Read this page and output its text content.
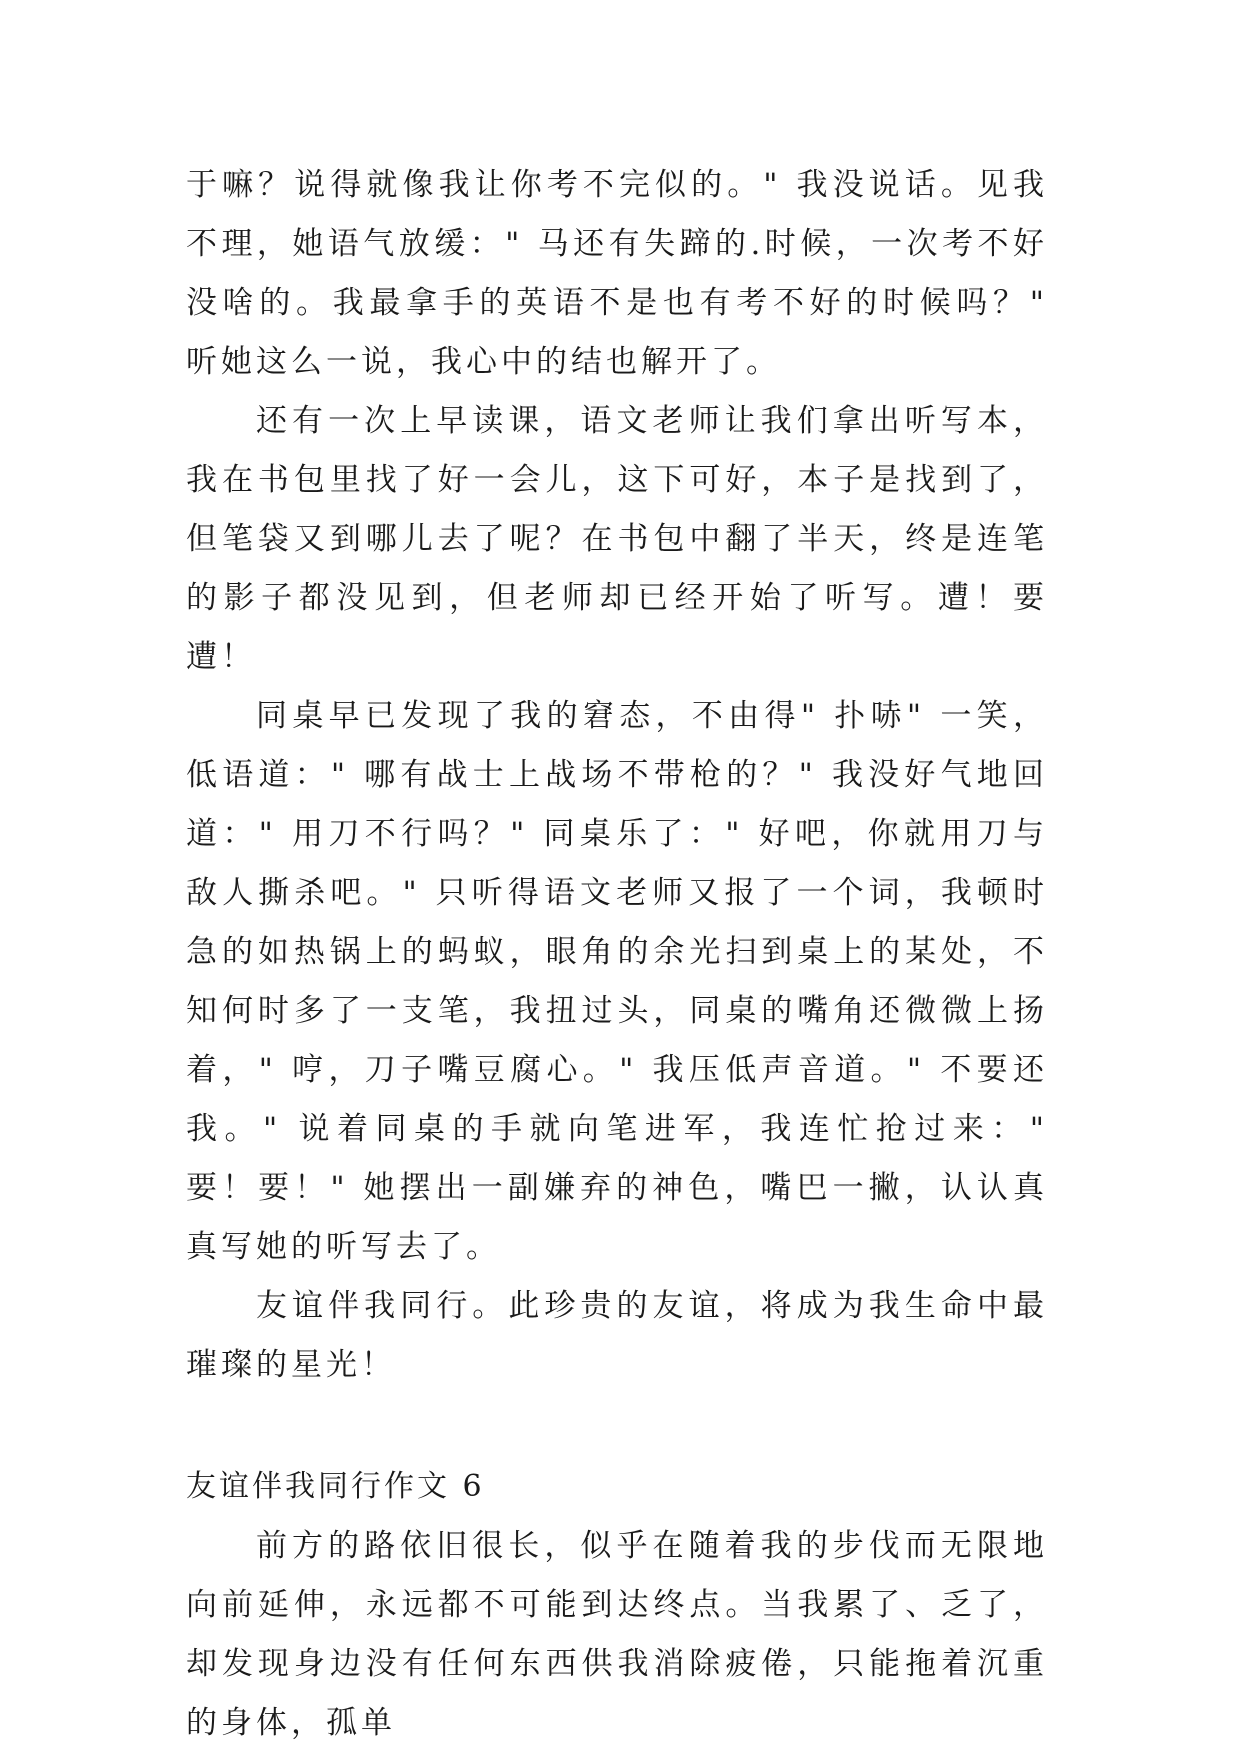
于嘛？说得就像我让你考不完似的。" 我没说话。见我不理，她语气放缓：" 马还有失蹄的.时候，一次考不好没啥的。我最拿手的英语不是也有考不好的时候吗？" 听她这么一说，我心中的结也解开了。

还有一次上早读课，语文老师让我们拿出听写本，我在书包里找了好一会儿，这下可好，本子是找到了，但笔袋又到哪儿去了呢？在书包中翻了半天，终是连笔的影子都没见到，但老师却已经开始了听写。遭！要遭！

同桌早已发现了我的窘态，不由得" 扑哧" 一笑，低语道：" 哪有战士上战场不带枪的？" 我没好气地回道：" 用刀不行吗？" 同桌乐了：" 好吧，你就用刀与敌人撕杀吧。" 只听得语文老师又报了一个词，我顿时急的如热锅上的蚂蚁，眼角的余光扫到桌上的某处，不知何时多了一支笔，我扭过头，同桌的嘴角还微微上扬着，" 哼，刀子嘴豆腐心。" 我压低声音道。" 不要还我。" 说着同桌的手就向笔进军，我连忙抢过来：" 要！要！" 她摆出一副嫌弃的神色，嘴巴一撇，认认真真写她的听写去了。

友谊伴我同行。此珍贵的友谊，将成为我生命中最璀璨的星光！

友谊伴我同行作文 6

前方的路依旧很长，似乎在随着我的步伐而无限地向前延伸，永远都不可能到达终点。当我累了、乏了，却发现身边没有任何东西供我消除疲倦，只能拖着沉重的身体，孤单
